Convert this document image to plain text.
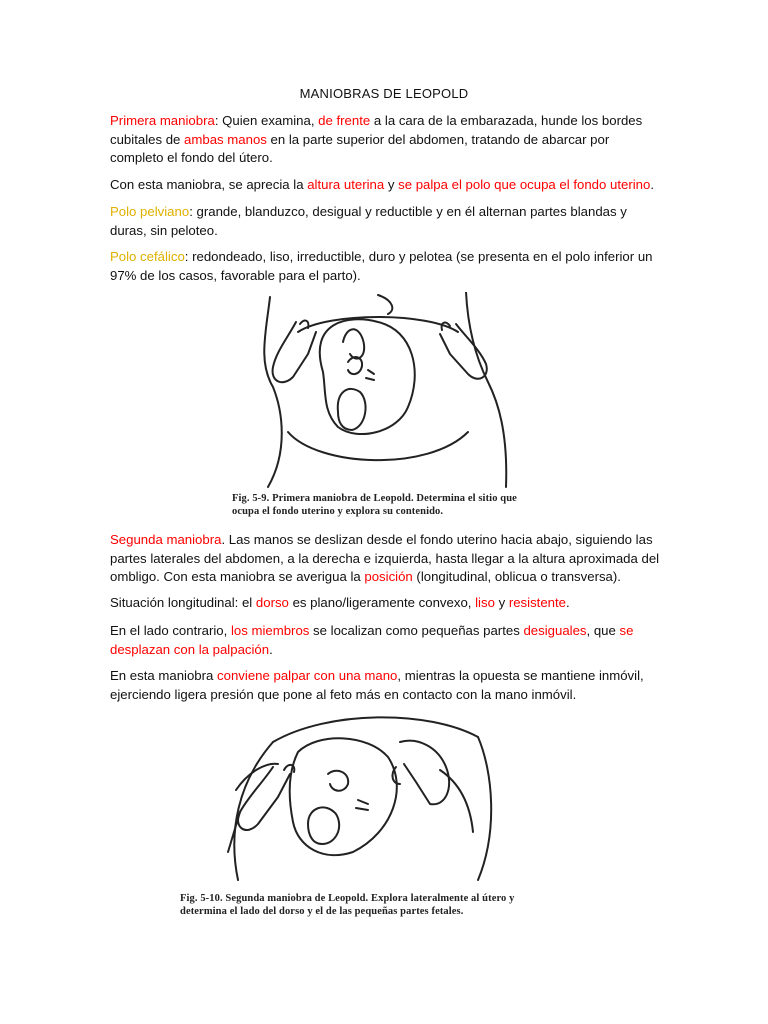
MANIOBRAS DE LEOPOLD
Primera maniobra: Quien examina, de frente a la cara de la embarazada, hunde los bordes cubitales de ambas manos en la parte superior del abdomen, tratando de abarcar por completo el fondo del útero.
Con esta maniobra, se aprecia la altura uterina y se palpa el polo que ocupa el fondo uterino.
Polo pelviano: grande, blanduzco, desigual y reductible y en él alternan partes blandas y duras, sin peloteo.
Polo cefálico: redondeado, liso, irreductible, duro y pelotea (se presenta en el polo inferior un 97% de los casos, favorable para el parto).
Fig. 5-9. Primera maniobra de Leopold. Determina el sitio que ocupa el fondo uterino y explora su contenido.
Segunda maniobra. Las manos se deslizan desde el fondo uterino hacia abajo, siguiendo las partes laterales del abdomen, a la derecha e izquierda, hasta llegar a la altura aproximada del ombligo. Con esta maniobra se averigua la posición (longitudinal, oblicua o transversa).
Situación longitudinal: el dorso es plano/ligeramente convexo, liso y resistente.
En el lado contrario, los miembros se localizan como pequeñas partes desiguales, que se desplazan con la palpación.
En esta maniobra conviene palpar con una mano, mientras la opuesta se mantiene inmóvil, ejerciendo ligera presión que pone al feto más en contacto con la mano inmóvil.
Fig. 5-10. Segunda maniobra de Leopold. Explora lateralmente al útero y determina el lado del dorso y el de las pequeñas partes fetales.
